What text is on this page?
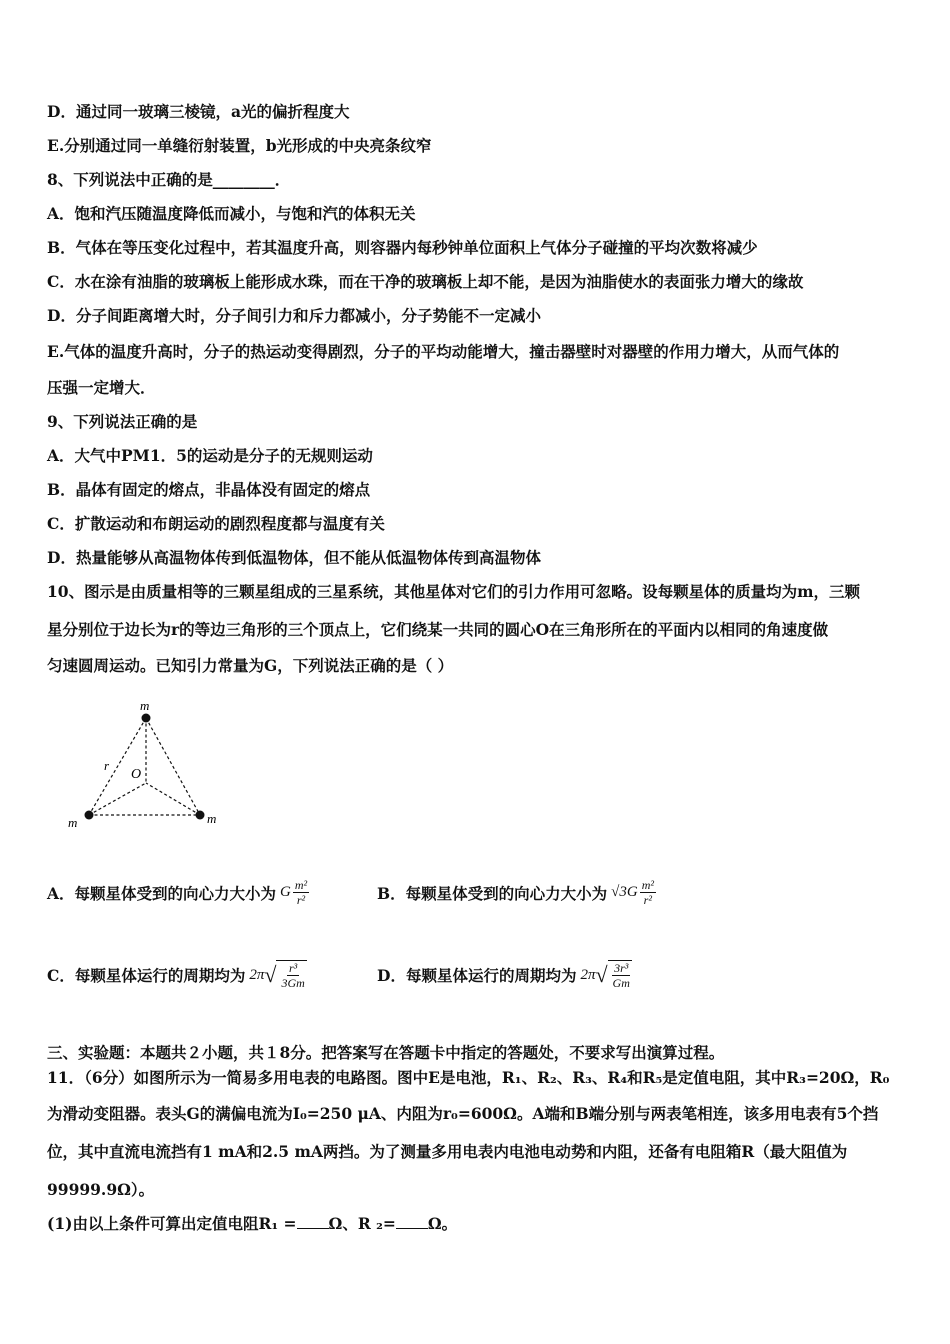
D．通过同一玻璃三棱镜，a光的偏折程度大
E.分别通过同一单缝衍射装置，b光形成的中央亮条纹窄
8、下列说法中正确的是________．
A．饱和汽压随温度降低而减小，与饱和汽的体积无关
B．气体在等压变化过程中，若其温度升高，则容器内每秒钟单位面积上气体分子碰撞的平均次数将减少
C．水在涂有油脂的玻璃板上能形成水珠，而在干净的玻璃板上却不能，是因为油脂使水的表面张力增大的缘故
D．分子间距离增大时，分子间引力和斥力都减小，分子势能不一定减小
E.气体的温度升高时，分子的热运动变得剧烈，分子的平均动能增大，撞击器壁时对器壁的作用力增大，从而气体的
压强一定增大．
9、下列说法正确的是
A．大气中PM1．5的运动是分子的无规则运动
B．晶体有固定的熔点，非晶体没有固定的熔点
C．扩散运动和布朗运动的剧烈程度都与温度有关
D．热量能够从高温物体传到低温物体，但不能从低温物体传到高温物体
10、图示是由质量相等的三颗星组成的三星系统，其他星体对它们的引力作用可忽略。设每颗星体的质量均为m，三颗
星分别位于边长为r的等边三角形的三个顶点上，它们绕某一共同的圆心O在三角形所在的平面内以相同的角速度做
匀速圆周运动。已知引力常量为G，下列说法正确的是（ ）
m
m	m
O
r
A．每颗星体受到的向心力大小为 G $\frac{\text{m²}}{\text{r²}}$	B．每颗星体受到的向心力大小为 $√3G \frac{\text{m²}}{\text{r²}}$
C．每颗星体运行的周期均为 2π √ $\frac{\text{r³}}{3Gm}$	D．每颗星体运行的周期均为 2π √ $\frac{\text{3r³}}{Gm}$
三、实验题：本题共２小题，共１8分。把答案写在答题卡中指定的答题处，不要求写出演算过程。
11．（6分）如图所示为一简易多用电表的电路图。图中E是电池，R₁、R₂、R₃、R₄和R₅是定值电阻，其中R₃=20Ω，R₀
为滑动变阻器。表头G的满偏电流为I₀=250 μA、内阻为r₀=600Ω。A端和B端分别与两表笔相连，该多用电表有5个挡
位，其中直流电流挡有1 mA和2.5 mA两挡。为了测量多用电表内电池电动势和内阻，还备有电阻箱R（最大阻值为
99999.9Ω）。
(1)由以上条件可算出定值电阻R₁ = Ω、R ₂= Ω。
